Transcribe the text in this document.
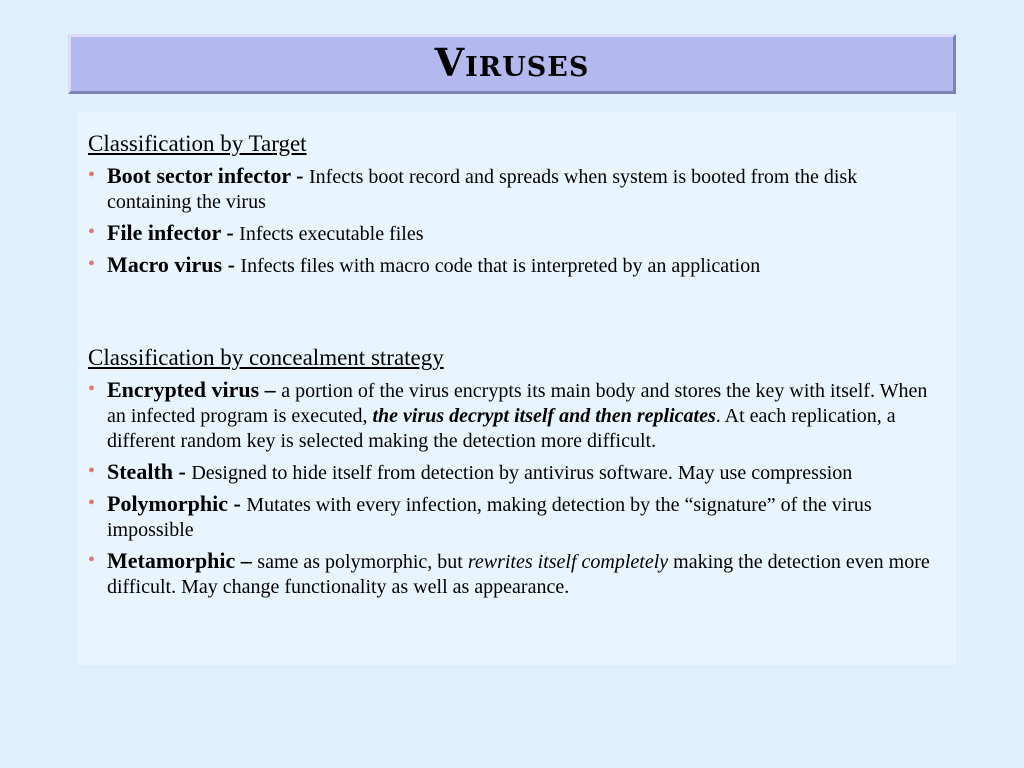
Viruses
Classification by Target
• Boot sector infector - Infects boot record and spreads when system is booted from the disk containing the virus
• File infector - Infects executable files
• Macro virus - Infects files with macro code that is interpreted by an application
Classification by concealment strategy
• Encrypted virus – a portion of the virus encrypts its main body and stores the key with itself. When an infected program is executed, the virus decrypt itself and then replicates. At each replication, a different random key is selected making the detection more difficult.
• Stealth - Designed to hide itself from detection by antivirus software. May use compression
• Polymorphic - Mutates with every infection, making detection by the “signature” of the virus impossible
• Metamorphic – same as polymorphic, but rewrites itself completely making the detection even more difficult. May change functionality as well as appearance.
